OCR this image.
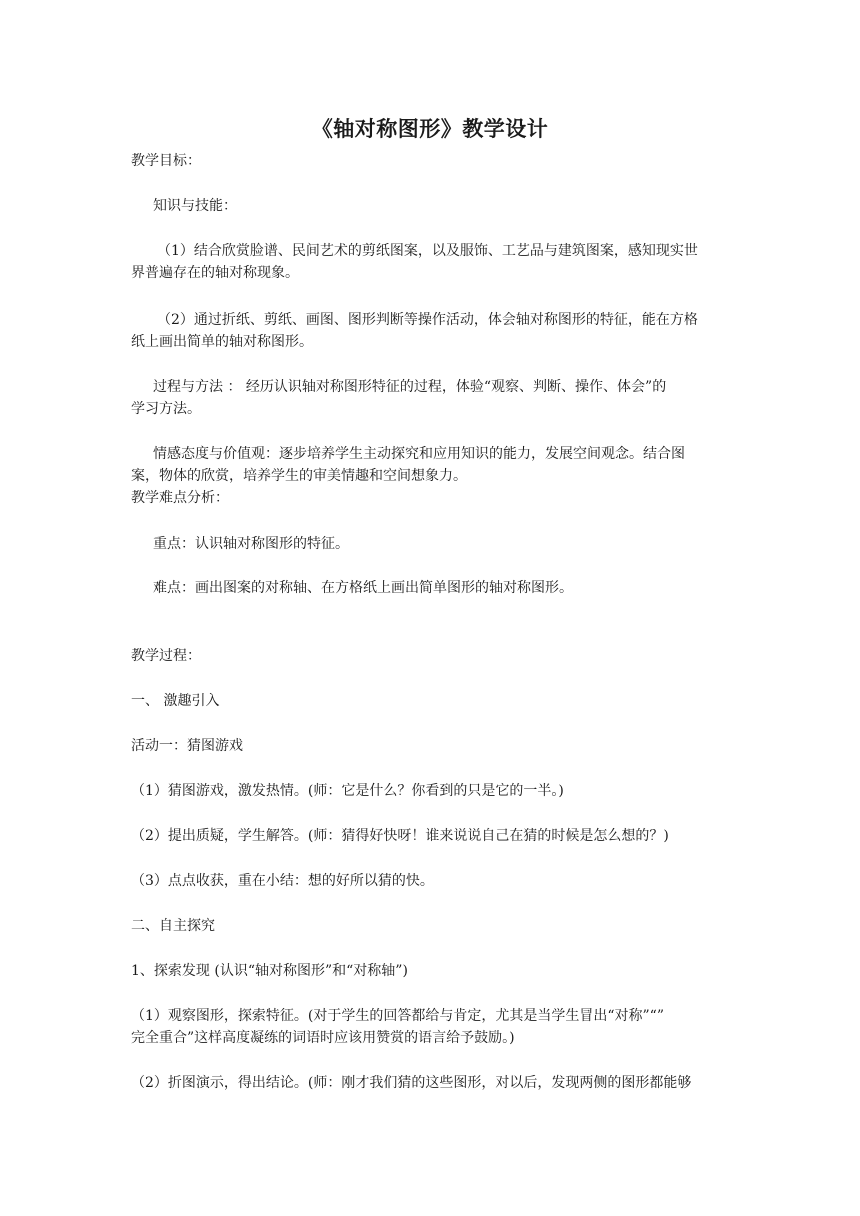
《轴对称图形》教学设计
教学目标：
知识与技能：
（1）结合欣赏脸谱、民间艺术的剪纸图案，以及服饰、工艺品与建筑图案，感知现实世
界普遍存在的轴对称现象。
（2）通过折纸、剪纸、画图、图形判断等操作活动，体会轴对称图形的特征，能在方格
纸上画出简单的轴对称图形。
过程与方法 ： 经历认识轴对称图形特征的过程，体验“观察、判断、操作、体会”的
学习方法。
情感态度与价值观：逐步培养学生主动探究和应用知识的能力，发展空间观念。结合图
案，物体的欣赏，培养学生的审美情趣和空间想象力。
教学难点分析：
重点：认识轴对称图形的特征。
难点：画出图案的对称轴、在方格纸上画出简单图形的轴对称图形。
教学过程：
一、 激趣引入
活动一：猜图游戏
（1）猜图游戏，激发热情。(师：它是什么？你看到的只是它的一半。)
（2）提出质疑，学生解答。(师：猜得好快呀！谁来说说自己在猜的时候是怎么想的？)
（3）点点收获，重在小结：想的好所以猜的快。
二、自主探究
1、探索发现 (认识“轴对称图形”和“对称轴”)
（1）观察图形，探索特征。(对于学生的回答都给与肯定，尤其是当学生冒出“对称”“”
完全重合”这样高度凝练的词语时应该用赞赏的语言给予鼓励。)
（2）折图演示，得出结论。(师：刚才我们猜的这些图形，对以后，发现两侧的图形都能够
